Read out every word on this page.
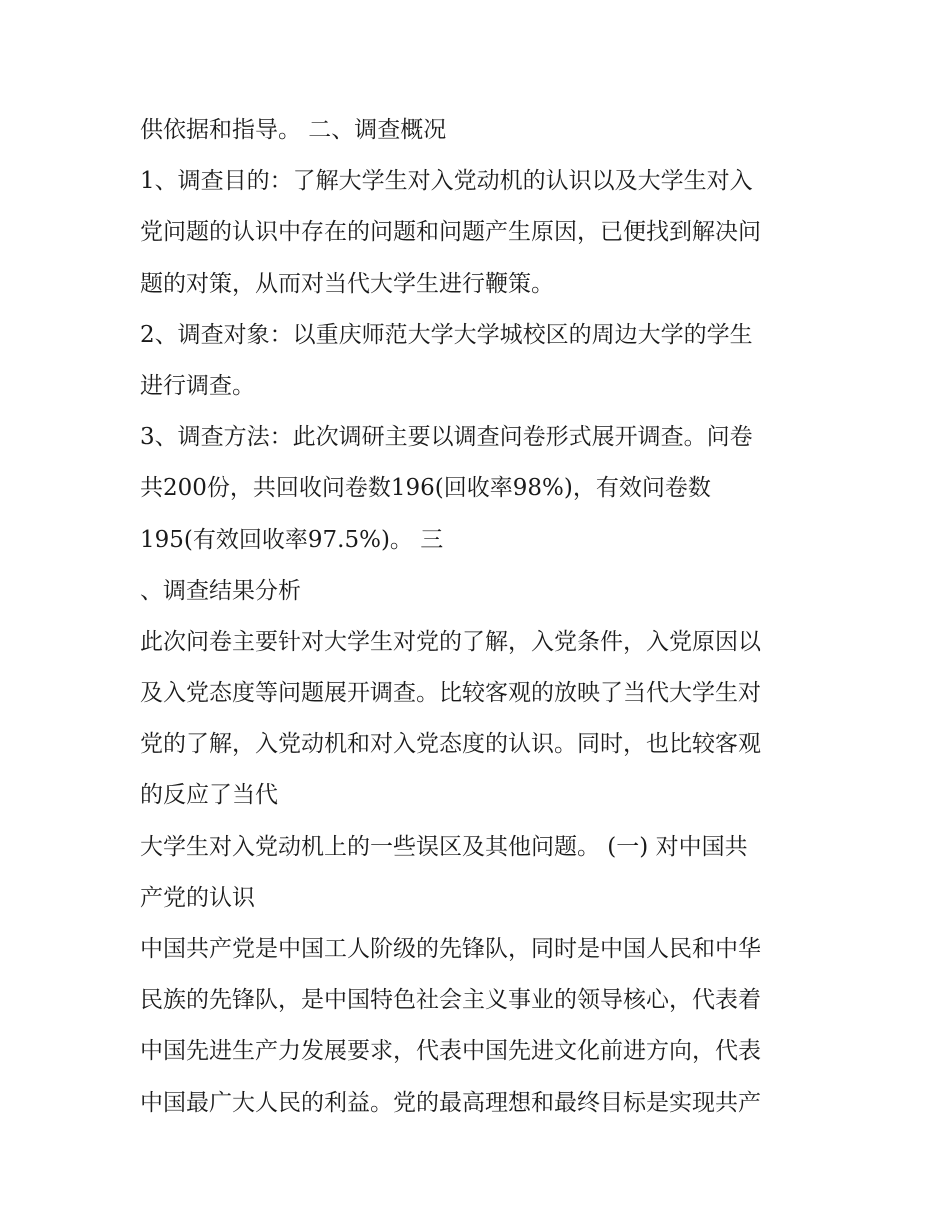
供依据和指导。 二、调查概况
1、调查目的：了解大学生对入党动机的认识以及大学生对入
党问题的认识中存在的问题和问题产生原因，已便找到解决问
题的对策，从而对当代大学生进行鞭策。
2、调查对象：以重庆师范大学大学城校区的周边大学的学生
进行调查。
3、调查方法：此次调研主要以调查问卷形式展开调查。问卷
共200份，共回收问卷数196(回收率98%)，有效问卷数
195(有效回收率97.5%)。 三
、调查结果分析
此次问卷主要针对大学生对党的了解，入党条件，入党原因以
及入党态度等问题展开调查。比较客观的放映了当代大学生对
党的了解，入党动机和对入党态度的认识。同时，也比较客观
的反应了当代
大学生对入党动机上的一些误区及其他问题。 (一) 对中国共
产党的认识
中国共产党是中国工人阶级的先锋队，同时是中国人民和中华
民族的先锋队，是中国特色社会主义事业的领导核心，代表着
中国先进生产力发展要求，代表中国先进文化前进方向，代表
中国最广大人民的利益。党的最高理想和最终目标是实现共产
